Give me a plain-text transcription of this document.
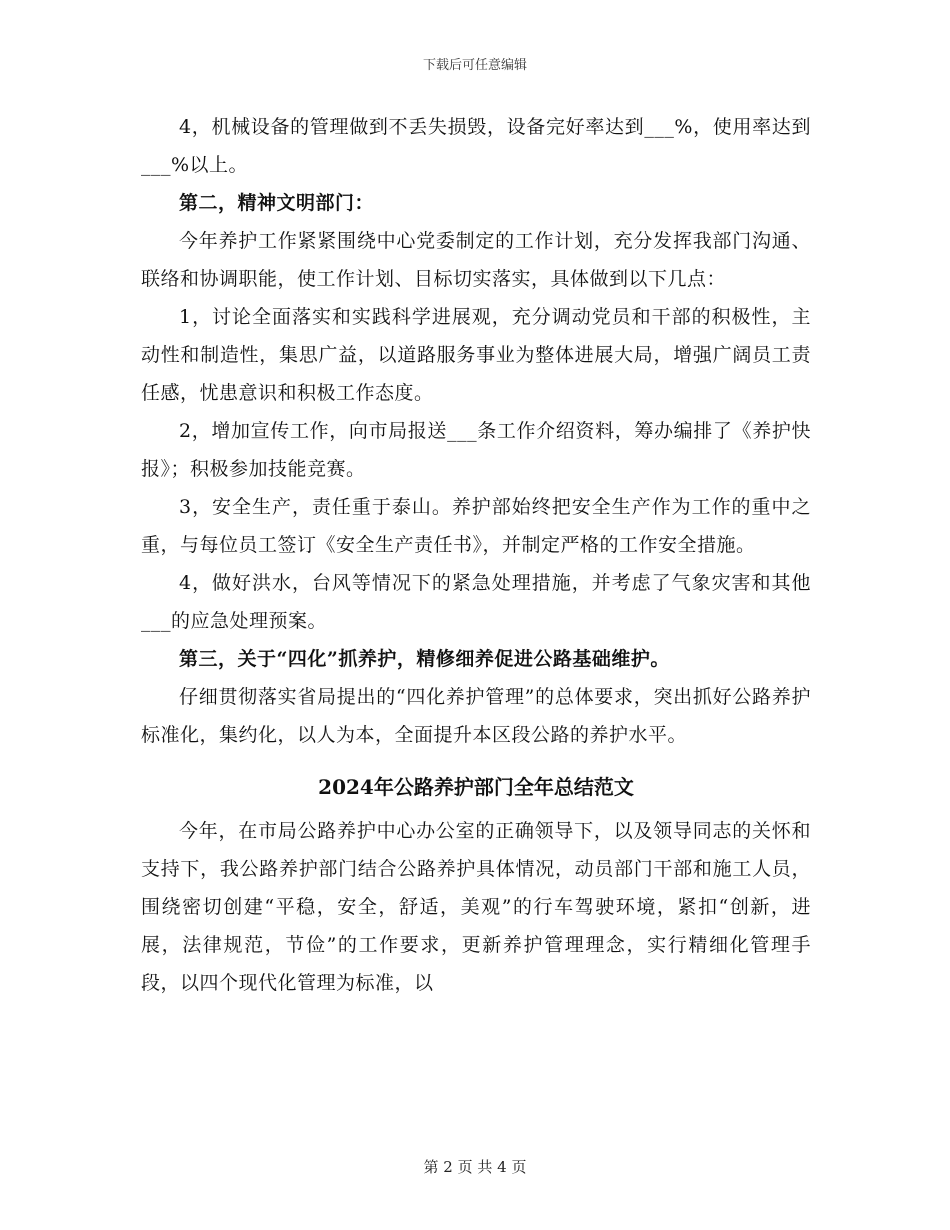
下载后可任意编辑

4，机械设备的管理做到不丢失损毁，设备完好率达到___%，使用率达到___%以上。

第二，精神文明部门：

今年养护工作紧紧围绕中心党委制定的工作计划，充分发挥我部门沟通、联络和协调职能，使工作计划、目标切实落实，具体做到以下几点：

1，讨论全面落实和实践科学进展观，充分调动党员和干部的积极性，主动性和制造性，集思广益，以道路服务事业为整体进展大局，增强广阔员工责任感，忧患意识和积极工作态度。

2，增加宣传工作，向市局报送___条工作介绍资料，筹办编排了《养护快报》；积极参加技能竞赛。

3，安全生产，责任重于泰山。养护部始终把安全生产作为工作的重中之重，与每位员工签订《安全生产责任书》，并制定严格的工作安全措施。

4，做好洪水，台风等情况下的紧急处理措施，并考虑了气象灾害和其他___的应急处理预案。

第三，关于“四化”抓养护，精修细养促进公路基础维护。

仔细贯彻落实省局提出的“四化养护管理”的总体要求，突出抓好公路养护标准化，集约化，以人为本，全面提升本区段公路的养护水平。

2024年公路养护部门全年总结范文

今年，在市局公路养护中心办公室的正确领导下，以及领导同志的关怀和支持下，我公路养护部门结合公路养护具体情况，动员部门干部和施工人员，围绕密切创建“平稳，安全，舒适，美观”的行车驾驶环境，紧扣“创新，进展，法律规范，节俭”的工作要求，更新养护管理理念，实行精细化管理手段，以四个现代化管理为标准，以

第 2 页 共 4 页
